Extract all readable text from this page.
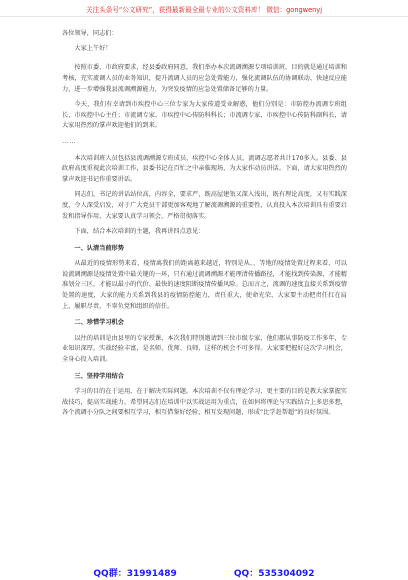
关注头条号“公文研究”，获得最新最全最专业的公文资料库！ 微信：gongwenyj

各位领导，同志们：

大家上午好！

按照市委、市政府要求，经县委政府同意，我们举办本次流调溯源专项培训班，目的就是通过培训和考核，充实流调人员的业务知识，提升流调人员的应急处置能力，强化流调队伍的协调联动、快速反应能力，进一步增强我县流调溯源能力，为突发疫情的应急处置储备足够的力量。

今天，我们有幸请到市疾控中心三位专家为大家传道受业解惑，他们分别是：市防控办流调专班组长、市疾控中心主任；市流调专家、市疾控中心传防科科长；市流调专家、市疾控中心传防科副科长，请大家用热烈的掌声欢迎他们的到来。

……

本次培训班人员包括县流调溯源专班成员、疾控中心全体人员，流调志愿者共计170多人。县委、县政府高度重视此次培训工作，县委书记在百忙之中亲临现场，为大家作动员讲话。下面，请大家用热烈的掌声欢迎书记作重要讲话。

同志们，书记的讲话站位高，内容全，要求严，既高屋建瓴又深入浅出，既有理论高度，又有实践深度，令人深受启发，对于广大党员干部更加客观地了解流调溯源的重要性，认真投入本次培训具有重要启发和指导作用，大家要认真学习领会，严格贯彻落实。

下面，结合本次培训的主题，我再讲四点意见：

一、认清当前形势

从最近的疫情形势来看，疫情离我们的距离越来越近，特别是从、、等地的疫情处置过程来看，可以说流调溯源是疫情处置中最关键的一环，只有通过流调溯源才能理清传播路径，才能找到传染源，才能精准划分三区，才能以最小的代价、最快的速度阻断疫情传播风险。总而言之，流调的速度直接关系到疫情处置的速度，大家的能力关系到我县的疫情防控能力，责任重大，使命光荣，大家要主动把责任扛在肩上，履职尽责，不辜负党和组织的信任。

二、珍惜学习机会

以往的培训是由县里的专家授课，本次我们特别邀请到三位市级专家，他们都从事防疫工作多年，专业知识深厚，实战经验丰富，是名师、优师、良师，这样的机会不可多得。大家要把握好这次学习机会，全身心投入培训。

三、坚持学用结合

学习的目的在于运用，在于解决实际问题。本次培训不仅有理论学习，更主要的目的是教大家掌握实战技巧，提高实战能力，希望同志们在培训中以实战运用为重点，在如何将理论与实践结合上多思多想，各个流调小分队之间要相互学习，相互借鉴好经验，相互发现问题，形成“比学赶帮超”的良好氛围。

QQ群：31991489	QQ：535304092
